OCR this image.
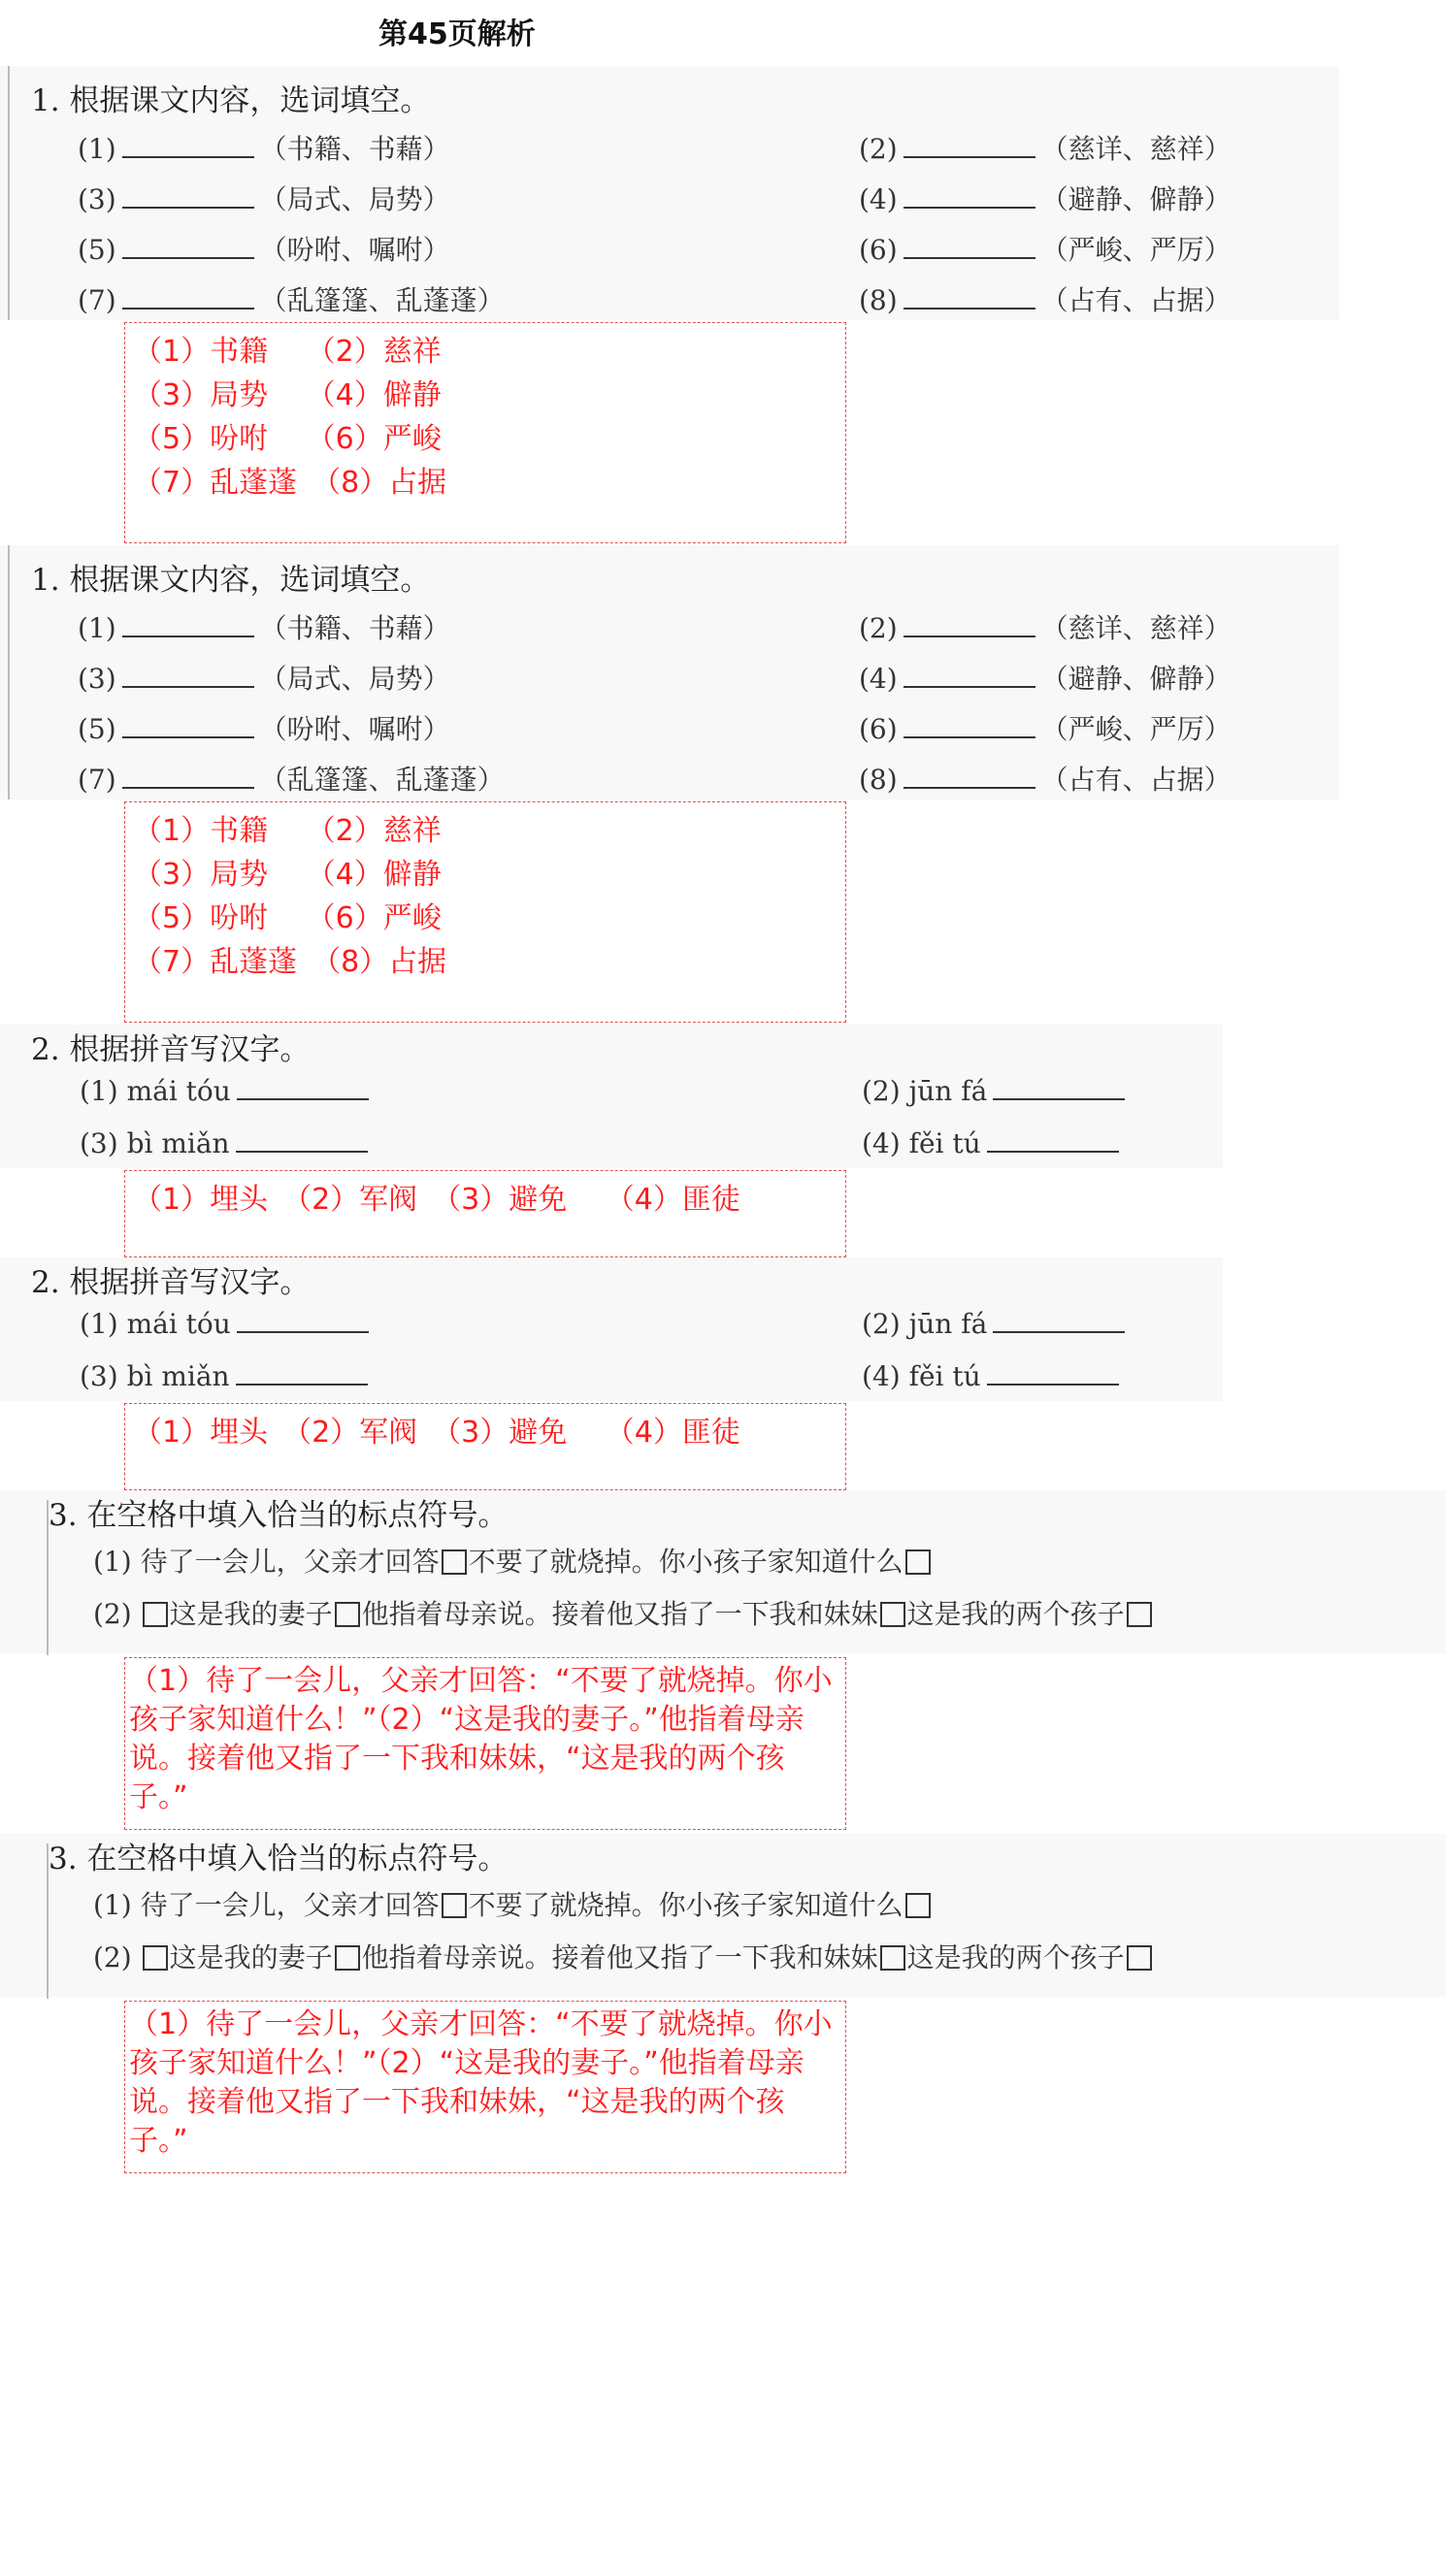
第45页解析
1. 根据课文内容，选词填空。
(1)	（书籍、书藉）	(2)	（慈详、慈祥）
(3)	（局式、局势）	(4)	（避静、僻静）
(5)	（吩咐、嘱咐）	(6)	（严峻、严厉）
(7)	（乱篷篷、乱蓬蓬）	(8)	（占有、占据）
（1）书籍　 （2）慈祥
（3）局势　 （4）僻静
（5）吩咐　 （6）严峻
（7）乱蓬蓬　（8）占据
1. 根据课文内容，选词填空。
(1)	（书籍、书藉）	(2)	（慈详、慈祥）
(3)	（局式、局势）	(4)	（避静、僻静）
(5)	（吩咐、嘱咐）	(6)	（严峻、严厉）
(7)	（乱篷篷、乱蓬蓬）	(8)	（占有、占据）
（1）书籍　 （2）慈祥
（3）局势　 （4）僻静
（5）吩咐　 （6）严峻
（7）乱蓬蓬　（8）占据
2. 根据拼音写汉字。
(1) mái tóu	(2) jūn fá
(3) bì miǎn	(4) fěi tú
（1）埋头　（2）军阀　（3）避免　 （4）匪徒
2. 根据拼音写汉字。
(1) mái tóu	(2) jūn fá
(3) bì miǎn	(4) fěi tú
（1）埋头　（2）军阀　（3）避免　 （4）匪徒
3. 在空格中填入恰当的标点符号。
(1) 待了一会儿，父亲才回答 不要了就烧掉。你小孩子家知道什么
(2) 这是我的妻子 他指着母亲说。接着他又指了一下我和妹妹 这是我的两个孩子
（1）待了一会儿，父亲才回答：“不要了就烧掉。你小孩子家知道什么！”（2）“这是我的妻子。”他指着母亲说。接着他又指了一下我和妹妹，“这是我的两个孩子。”
3. 在空格中填入恰当的标点符号。
(1) 待了一会儿，父亲才回答 不要了就烧掉。你小孩子家知道什么
(2) 这是我的妻子 他指着母亲说。接着他又指了一下我和妹妹 这是我的两个孩子
（1）待了一会儿，父亲才回答：“不要了就烧掉。你小孩子家知道什么！”（2）“这是我的妻子。”他指着母亲说。接着他又指了一下我和妹妹，“这是我的两个孩子。”
